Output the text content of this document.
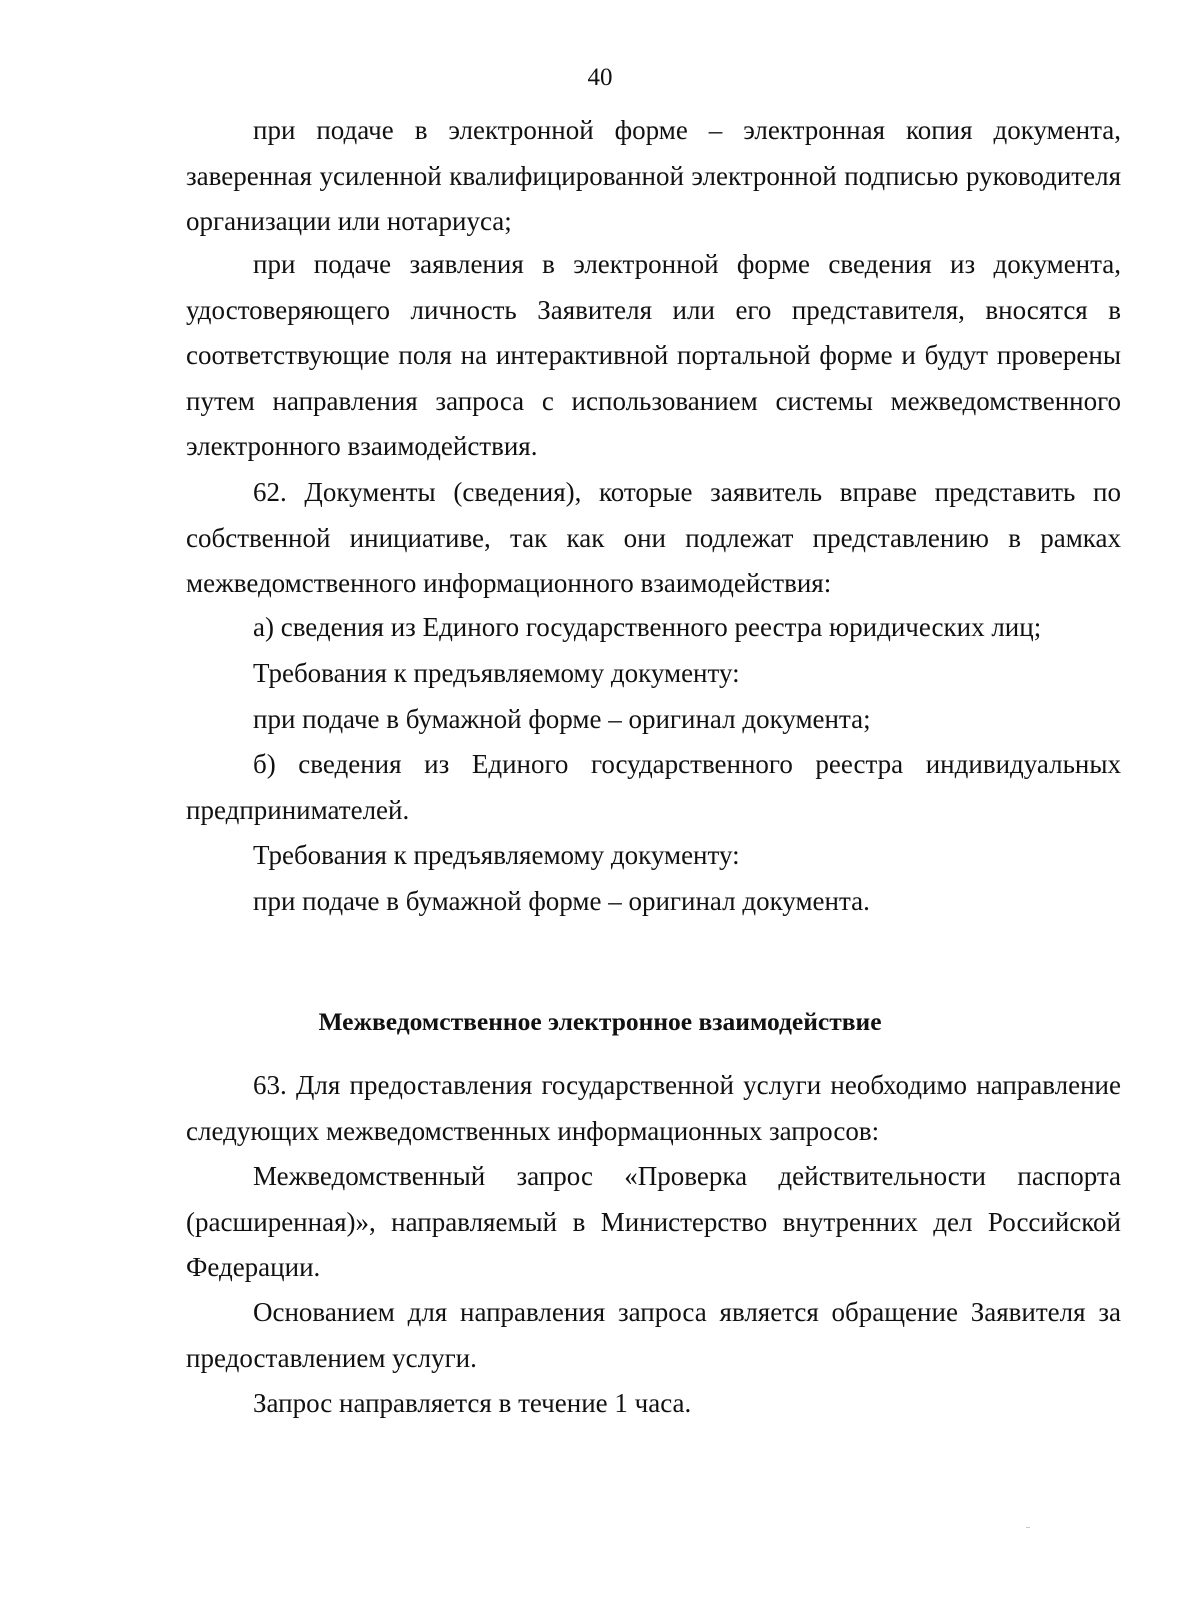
40

при подаче в электронной форме – электронная копия документа, заверенная усиленной квалифицированной электронной подписью руководителя организации или нотариуса;

при подаче заявления в электронной форме сведения из документа, удостоверяющего личность Заявителя или его представителя, вносятся в соответствующие поля на интерактивной портальной форме и будут проверены путем направления запроса с использованием системы межведомственного электронного взаимодействия.

62. Документы (сведения), которые заявитель вправе представить по собственной инициативе, так как они подлежат представлению в рамках межведомственного информационного взаимодействия:

а) сведения из Единого государственного реестра юридических лиц;

Требования к предъявляемому документу:

при подаче в бумажной форме – оригинал документа;

б) сведения из Единого государственного реестра индивидуальных предпринимателей.

Требования к предъявляемому документу:

при подаче в бумажной форме – оригинал документа.

Межведомственное электронное взаимодействие

63. Для предоставления государственной услуги необходимо направление следующих межведомственных информационных запросов:

Межведомственный запрос «Проверка действительности паспорта (расширенная)», направляемый в Министерство внутренних дел Российской Федерации.

Основанием для направления запроса является обращение Заявителя за предоставлением услуги.

Запрос направляется в течение 1 часа.
